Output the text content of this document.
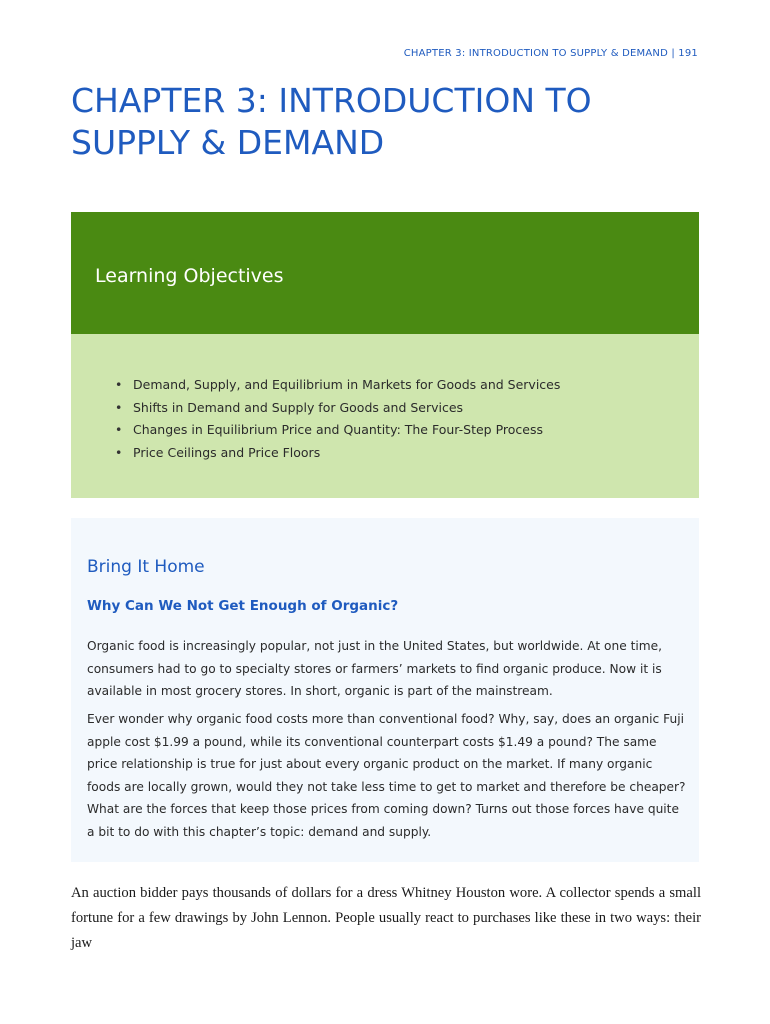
CHAPTER 3: INTRODUCTION TO SUPPLY & DEMAND | 191
CHAPTER 3: INTRODUCTION TO SUPPLY & DEMAND
Learning Objectives
• Demand, Supply, and Equilibrium in Markets for Goods and Services
• Shifts in Demand and Supply for Goods and Services
• Changes in Equilibrium Price and Quantity: The Four-Step Process
• Price Ceilings and Price Floors
Bring It Home
Why Can We Not Get Enough of Organic?

Organic food is increasingly popular, not just in the United States, but worldwide. At one time, consumers had to go to specialty stores or farmers’ markets to find organic produce. Now it is available in most grocery stores. In short, organic is part of the mainstream.

Ever wonder why organic food costs more than conventional food? Why, say, does an organic Fuji apple cost $1.99 a pound, while its conventional counterpart costs $1.49 a pound? The same price relationship is true for just about every organic product on the market. If many organic foods are locally grown, would they not take less time to get to market and therefore be cheaper? What are the forces that keep those prices from coming down? Turns out those forces have quite a bit to do with this chapter’s topic: demand and supply.

An auction bidder pays thousands of dollars for a dress Whitney Houston wore. A collector spends a small fortune for a few drawings by John Lennon. People usually react to purchases like these in two ways: their jaw
